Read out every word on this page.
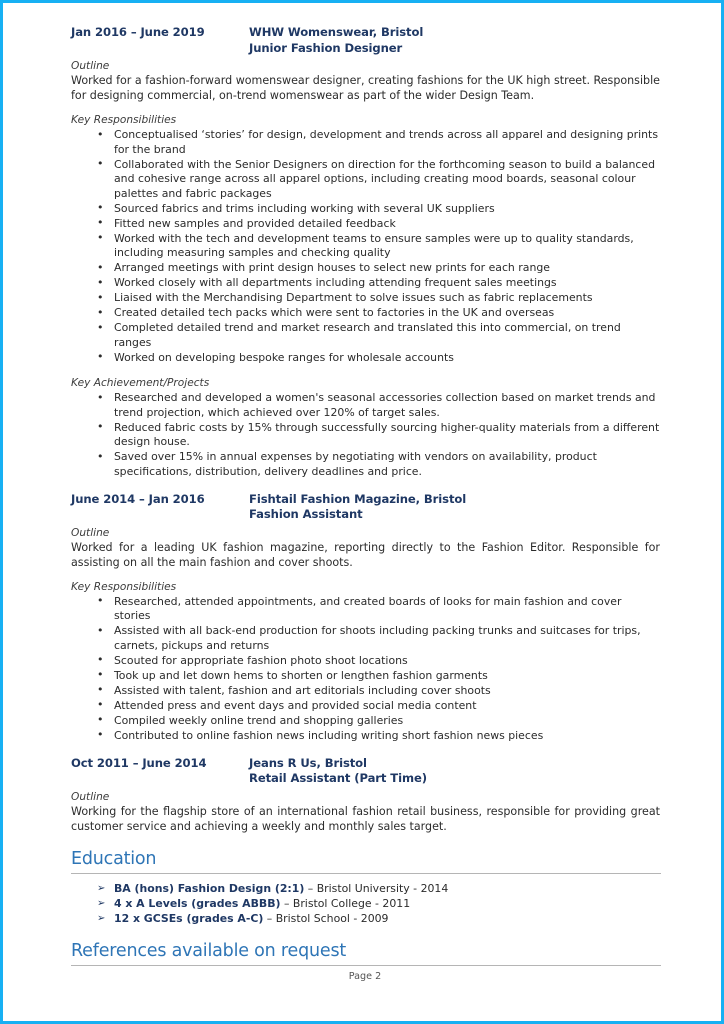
Jan 2016 – June 2019	WHW Womenswear, Bristol
Junior Fashion Designer
Outline

Worked for a fashion-forward womenswear designer, creating fashions for the UK high street. Responsible for designing commercial, on-trend womenswear as part of the wider Design Team.

Key Responsibilities
• Conceptualised ‘stories’ for design, development and trends across all apparel and designing prints for the brand
• Collaborated with the Senior Designers on direction for the forthcoming season to build a balanced and cohesive range across all apparel options, including creating mood boards, seasonal colour palettes and fabric packages
• Sourced fabrics and trims including working with several UK suppliers
• Fitted new samples and provided detailed feedback
• Worked with the tech and development teams to ensure samples were up to quality standards, including measuring samples and checking quality
• Arranged meetings with print design houses to select new prints for each range
• Worked closely with all departments including attending frequent sales meetings
• Liaised with the Merchandising Department to solve issues such as fabric replacements
• Created detailed tech packs which were sent to factories in the UK and overseas
• Completed detailed trend and market research and translated this into commercial, on trend ranges
• Worked on developing bespoke ranges for wholesale accounts
Key Achievement/Projects
• Researched and developed a women's seasonal accessories collection based on market trends and trend projection, which achieved over 120% of target sales.
• Reduced fabric costs by 15% through successfully sourcing higher-quality materials from a different design house.
• Saved over 15% in annual expenses by negotiating with vendors on availability, product specifications, distribution, delivery deadlines and price.
June 2014 – Jan 2016	Fishtail Fashion Magazine, Bristol
Fashion Assistant
Outline

Worked for a leading UK fashion magazine, reporting directly to the Fashion Editor. Responsible for assisting on all the main fashion and cover shoots.

Key Responsibilities
• Researched, attended appointments, and created boards of looks for main fashion and cover stories
• Assisted with all back-end production for shoots including packing trunks and suitcases for trips, carnets, pickups and returns
• Scouted for appropriate fashion photo shoot locations
• Took up and let down hems to shorten or lengthen fashion garments
• Assisted with talent, fashion and art editorials including cover shoots
• Attended press and event days and provided social media content
• Compiled weekly online trend and shopping galleries
• Contributed to online fashion news including writing short fashion news pieces
Oct 2011 – June 2014	Jeans R Us, Bristol
Retail Assistant (Part Time)
Outline

Working for the flagship store of an international fashion retail business, responsible for providing great customer service and achieving a weekly and monthly sales target.

Education
➢ BA (hons) Fashion Design (2:1) – Bristol University - 2014
➢ 4 x A Levels (grades ABBB) – Bristol College - 2011
➢ 12 x GCSEs (grades A-C) – Bristol School - 2009
References available on request
Page 2
